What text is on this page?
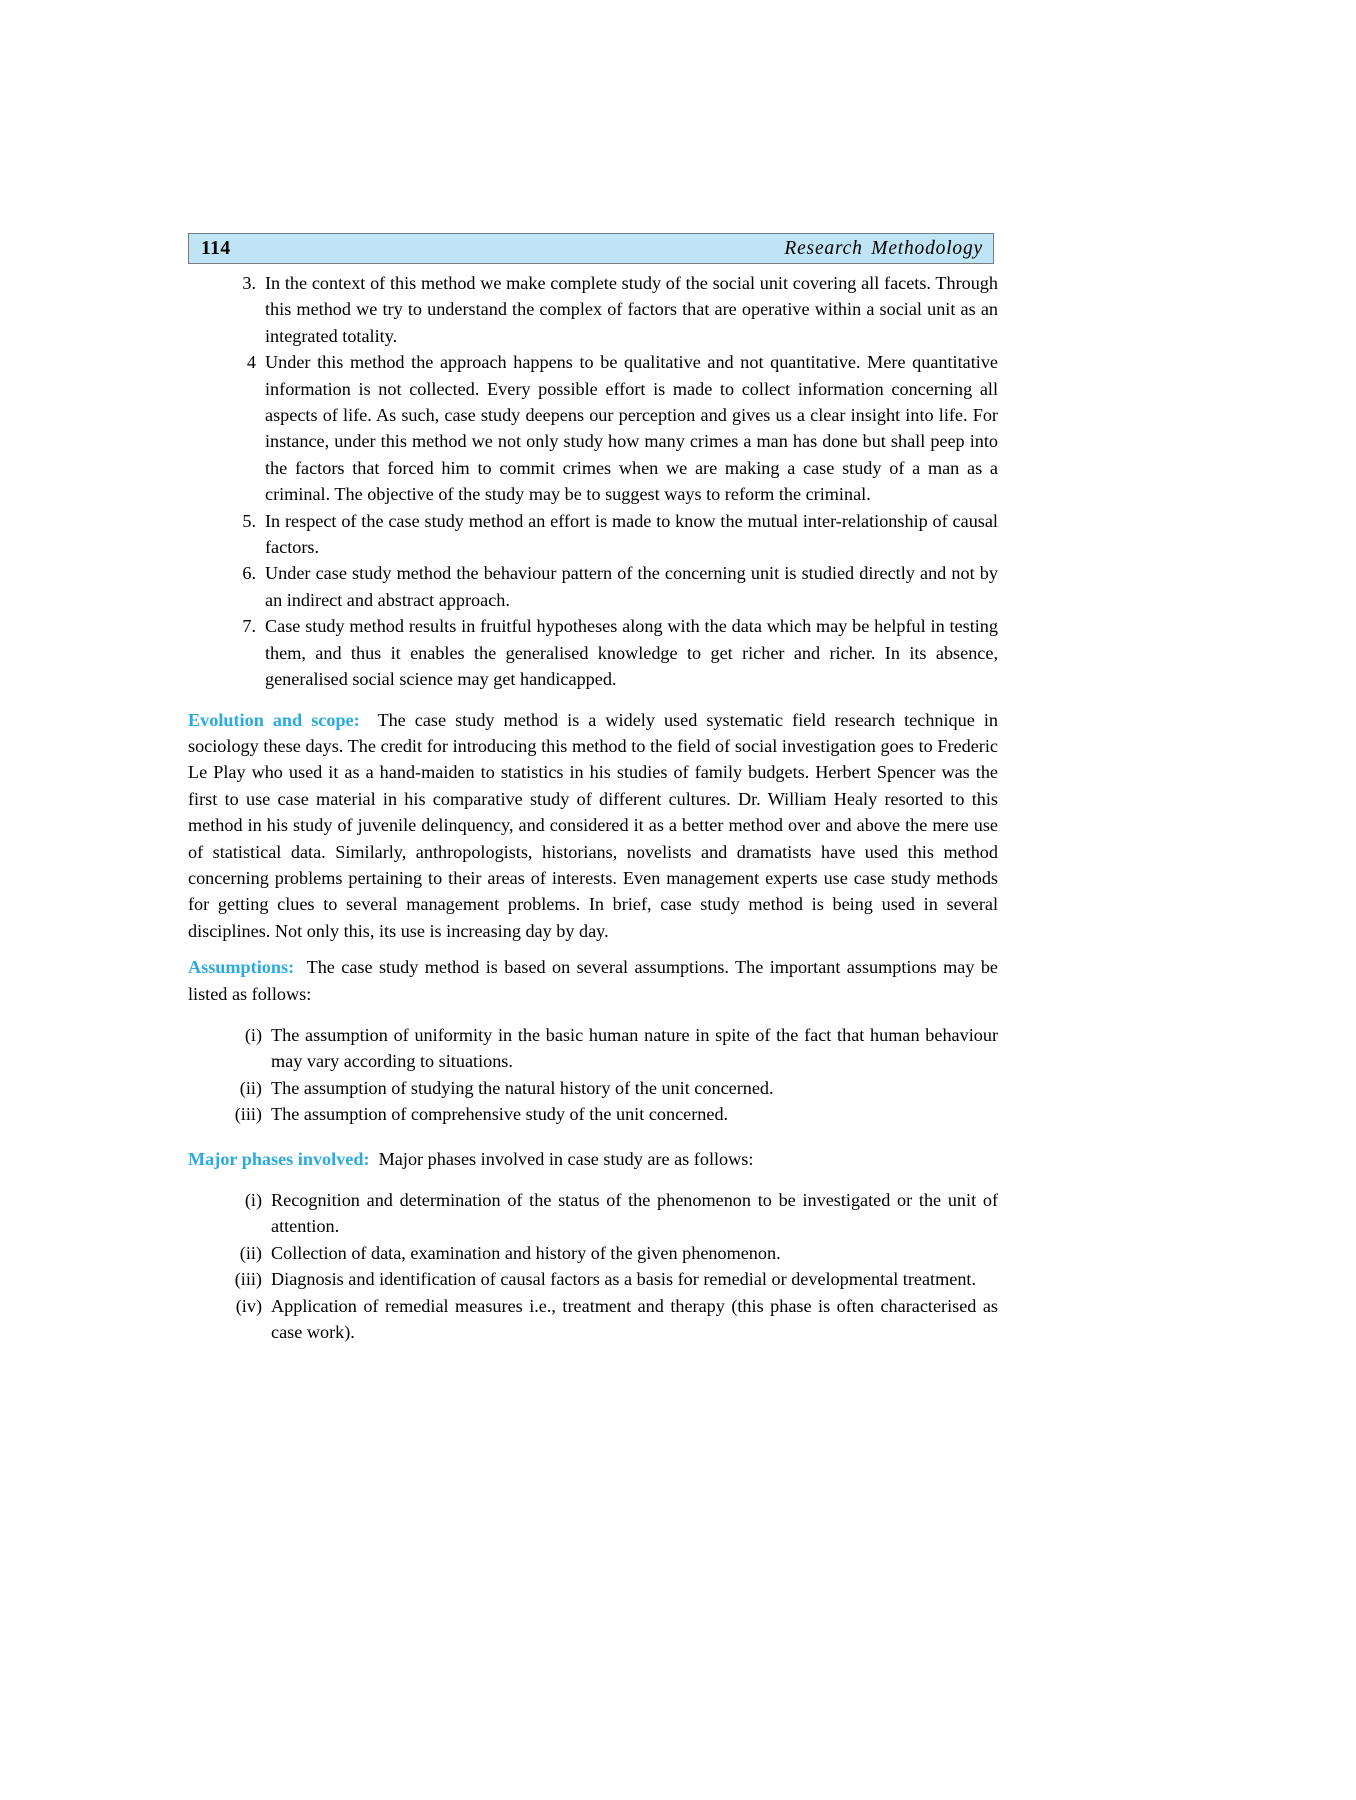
114	Research Methodology
3. In the context of this method we make complete study of the social unit covering all facets. Through this method we try to understand the complex of factors that are operative within a social unit as an integrated totality.
4 Under this method the approach happens to be qualitative and not quantitative. Mere quantitative information is not collected. Every possible effort is made to collect information concerning all aspects of life. As such, case study deepens our perception and gives us a clear insight into life. For instance, under this method we not only study how many crimes a man has done but shall peep into the factors that forced him to commit crimes when we are making a case study of a man as a criminal. The objective of the study may be to suggest ways to reform the criminal.
5. In respect of the case study method an effort is made to know the mutual inter-relationship of causal factors.
6. Under case study method the behaviour pattern of the concerning unit is studied directly and not by an indirect and abstract approach.
7. Case study method results in fruitful hypotheses along with the data which may be helpful in testing them, and thus it enables the generalised knowledge to get richer and richer. In its absence, generalised social science may get handicapped.

Evolution and scope: The case study method is a widely used systematic field research technique in sociology these days. The credit for introducing this method to the field of social investigation goes to Frederic Le Play who used it as a hand-maiden to statistics in his studies of family budgets. Herbert Spencer was the first to use case material in his comparative study of different cultures. Dr. William Healy resorted to this method in his study of juvenile delinquency, and considered it as a better method over and above the mere use of statistical data. Similarly, anthropologists, historians, novelists and dramatists have used this method concerning problems pertaining to their areas of interests. Even management experts use case study methods for getting clues to several management problems. In brief, case study method is being used in several disciplines. Not only this, its use is increasing day by day.

Assumptions: The case study method is based on several assumptions. The important assumptions may be listed as follows:

(i) The assumption of uniformity in the basic human nature in spite of the fact that human behaviour may vary according to situations.
(ii) The assumption of studying the natural history of the unit concerned.
(iii) The assumption of comprehensive study of the unit concerned.

Major phases involved: Major phases involved in case study are as follows:

(i) Recognition and determination of the status of the phenomenon to be investigated or the unit of attention.
(ii) Collection of data, examination and history of the given phenomenon.
(iii) Diagnosis and identification of causal factors as a basis for remedial or developmental treatment.
(iv) Application of remedial measures i.e., treatment and therapy (this phase is often characterised as case work).
